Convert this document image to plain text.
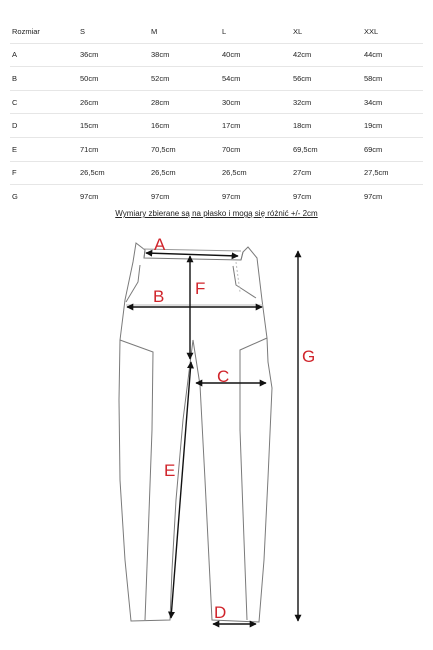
Rozmiar	S	M	L	XL	XXL
A	36cm	38cm	40cm	42cm	44cm
B	50cm	52cm	54cm	56cm	58cm
C	26cm	28cm	30cm	32cm	34cm
D	15cm	16cm	17cm	18cm	19cm
E	71cm	70,5cm	70cm	69,5cm	69cm
F	26,5cm	26,5cm	26,5cm	27cm	27,5cm
G	97cm	97cm	97cm	97cm	97cm
Wymiary zbierane są na płasko i mogą się różnić +/- 2cm
A
B F
C
E
G
D
